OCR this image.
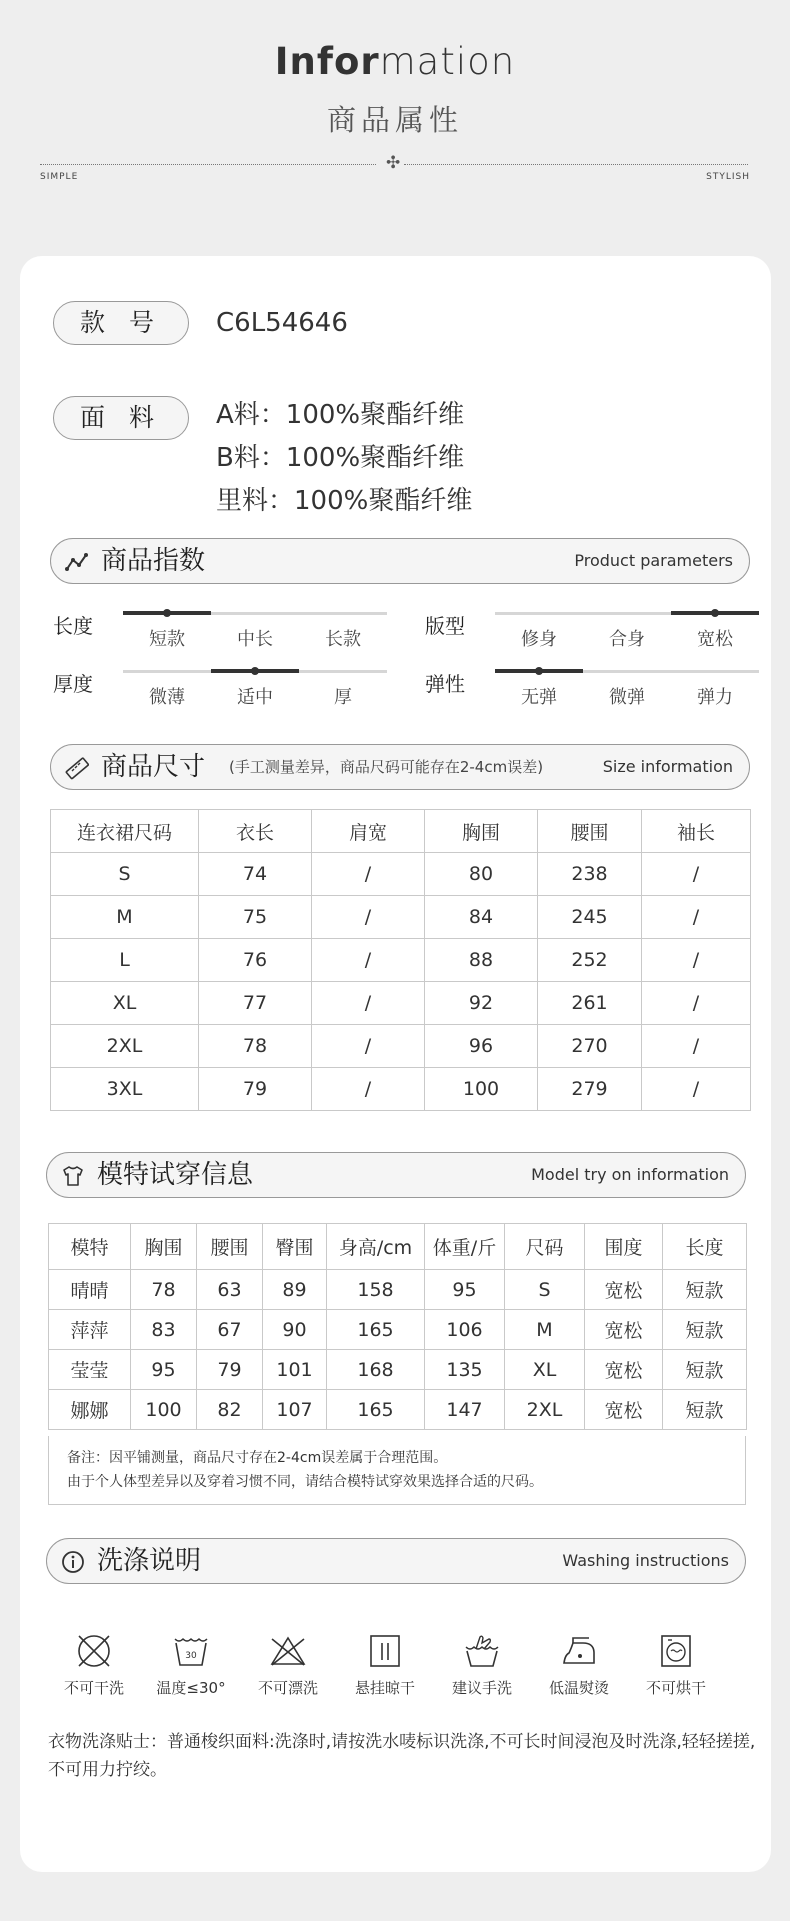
Information
商品属性
✣
SIMPLE	STYLISH
款 号	C6L54646
面 料	A料：100%聚酯纤维
B料：100%聚酯纤维
里料：100%聚酯纤维
商品指数	Product parameters
长度
短款	中长	长款
版型
修身	合身	宽松
厚度
微薄	适中	厚
弹性
无弹	微弹	弹力
商品尺寸 (手工测量差异，商品尺码可能存在2-4cm误差)	Size information
连衣裙尺码	衣长	肩宽	胸围	腰围	袖长
S	74	/	80	238	/
M	75	/	84	245	/
L	76	/	88	252	/
XL	77	/	92	261	/
2XL	78	/	96	270	/
3XL	79	/	100	279	/
模特试穿信息	Model try on information
模特	胸围	腰围	臀围	身高/cm	体重/斤	尺码	围度	长度
晴晴	78	63	89	158	95	S	宽松	短款
萍萍	83	67	90	165	106	M	宽松	短款
莹莹	95	79	101	168	135	XL	宽松	短款
娜娜	100	82	107	165	147	2XL	宽松	短款
备注：因平铺测量，商品尺寸存在2-4cm误差属于合理范围。
由于个人体型差异以及穿着习惯不同，请结合模特试穿效果选择合适的尺码。
洗涤说明	Washing instructions
不可干洗
30
温度≤30°	不可漂洗	悬挂晾干	建议手洗	低温熨烫	不可烘干
衣物洗涤贴士：普通梭织面料:洗涤时,请按洗水唛标识洗涤,不可长时间浸泡及时洗涤,轻轻搓搓,不可用力拧绞。
